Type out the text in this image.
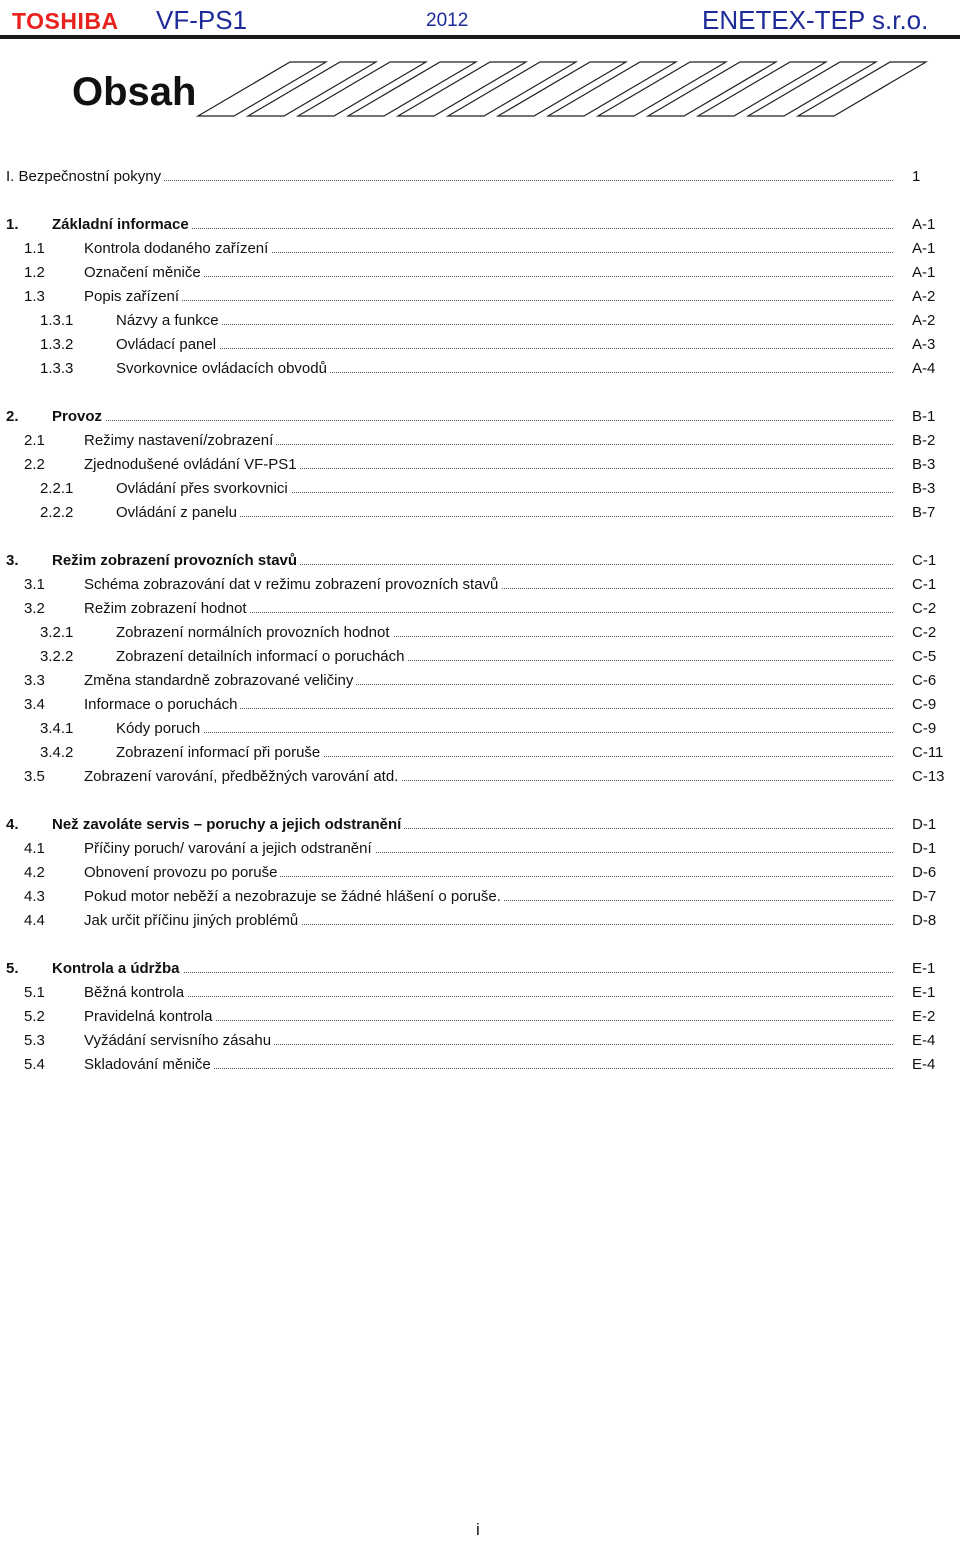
TOSHIBA VF-PS1	2012	ENETEX-TEP s.r.o.
Obsah
I. Bezpečnostní pokyny	1
1. Základní informace	A-1
1.1	Kontrola dodaného zařízení	A-1
1.2	Označení měniče	A-1
1.3	Popis zařízení	A-2
1.3.1	Názvy a funkce	A-2
1.3.2	Ovládací panel	A-3
1.3.3	Svorkovnice ovládacích obvodů	A-4
2. Provoz	B-1
2.1	Režimy nastavení/zobrazení	B-2
2.2	Zjednodušené ovládání VF-PS1	B-3
2.2.1	Ovládání přes svorkovnici	B-3
2.2.2	Ovládání z panelu	B-7
3. Režim zobrazení provozních stavů	C-1
3.1	Schéma zobrazování dat v režimu zobrazení provozních stavů	C-1
3.2	Režim zobrazení hodnot	C-2
3.2.1	Zobrazení normálních provozních hodnot	C-2
3.2.2	Zobrazení detailních informací o poruchách	C-5
3.3	Změna standardně zobrazované veličiny	C-6
3.4	Informace o poruchách	C-9
3.4.1	Kódy poruch	C-9
3.4.2	Zobrazení informací při poruše	C-11
3.5	Zobrazení varování, předběžných varování atd.	C-13
4. Než zavoláte servis – poruchy a jejich odstranění	D-1
4.1	Příčiny poruch/ varování a jejich odstranění	D-1
4.2	Obnovení provozu po poruše	D-6
4.3	Pokud motor neběží a nezobrazuje se žádné hlášení o poruše.	D-7
4.4	Jak určit příčinu jiných problémů	D-8
5. Kontrola a údržba	E-1
5.1	Běžná kontrola	E-1
5.2	Pravidelná kontrola	E-2
5.3	Vyžádání servisního zásahu	E-4
5.4	Skladování měniče	E-4
i
